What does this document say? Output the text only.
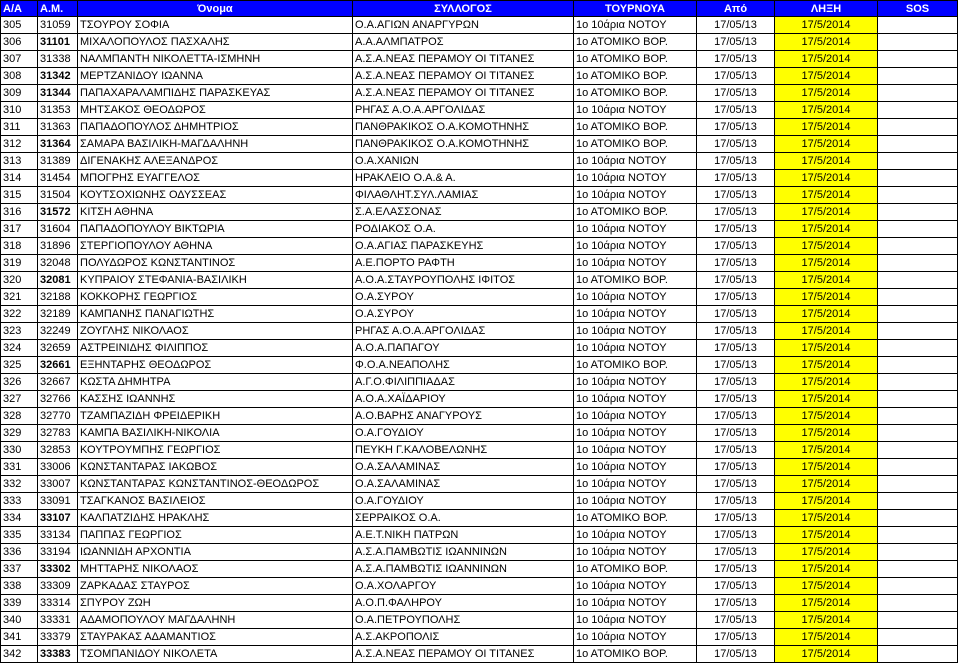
Α/Α	Α.Μ.	Όνομα	ΣΥΛΛΟΓΟΣ	ΤΟΥΡΝΟΥΑ	Από	ΛΗΞΗ	SOS
305	31059	ΤΣΟΥΡΟΥ ΣΟΦΙΑ	Ο.Α.ΑΓΙΩΝ ΑΝΑΡΓΥΡΩΝ	1ο 10άρια ΝΟΤΟΥ	17/05/13	17/5/2014	
306	31101	ΜΙΧΑΛΟΠΟΥΛΟΣ ΠΑΣΧΑΛΗΣ	Α.Α.ΑΛΜΠΑΤΡΟΣ	1ο ΑΤΟΜΙΚΟ ΒΟΡ.	17/05/13	17/5/2014	
307	31338	ΝΑΛΜΠΑΝΤΗ ΝΙΚΟΛΕΤΤΑ-ΙΣΜΗΝΗ	Α.Σ.Α.ΝΕΑΣ ΠΕΡΑΜΟΥ ΟΙ ΤΙΤΑΝΕΣ	1ο ΑΤΟΜΙΚΟ ΒΟΡ.	17/05/13	17/5/2014	
308	31342	ΜΕΡΤΖΑΝΙΔΟΥ ΙΩΑΝΝΑ	Α.Σ.Α.ΝΕΑΣ ΠΕΡΑΜΟΥ ΟΙ ΤΙΤΑΝΕΣ	1ο ΑΤΟΜΙΚΟ ΒΟΡ.	17/05/13	17/5/2014	
309	31344	ΠΑΠΑΧΑΡΑΛΑΜΠΙΔΗΣ ΠΑΡΑΣΚΕΥΑΣ	Α.Σ.Α.ΝΕΑΣ ΠΕΡΑΜΟΥ ΟΙ ΤΙΤΑΝΕΣ	1ο ΑΤΟΜΙΚΟ ΒΟΡ.	17/05/13	17/5/2014	
310	31353	ΜΗΤΣΑΚΟΣ ΘΕΟΔΩΡΟΣ	ΡΗΓΑΣ Α.Ο.Α.ΑΡΓΟΛΙΔΑΣ	1ο 10άρια ΝΟΤΟΥ	17/05/13	17/5/2014	
311	31363	ΠΑΠΑΔΟΠΟΥΛΟΣ ΔΗΜΗΤΡΙΟΣ	ΠΑΝΘΡΑΚΙΚΟΣ Ο.Α.ΚΟΜΟΤΗΝΗΣ	1ο ΑΤΟΜΙΚΟ ΒΟΡ.	17/05/13	17/5/2014	
312	31364	ΣΑΜΑΡΑ ΒΑΣΙΛΙΚΗ-ΜΑΓΔΑΛΗΝΗ	ΠΑΝΘΡΑΚΙΚΟΣ Ο.Α.ΚΟΜΟΤΗΝΗΣ	1ο ΑΤΟΜΙΚΟ ΒΟΡ.	17/05/13	17/5/2014	
313	31389	ΔΙΓΕΝΑΚΗΣ ΑΛΕΞΑΝΔΡΟΣ	Ο.Α.ΧΑΝΙΩΝ	1ο 10άρια ΝΟΤΟΥ	17/05/13	17/5/2014	
314	31454	ΜΠΟΓΡΗΣ ΕΥΑΓΓΕΛΟΣ	ΗΡΑΚΛΕΙΟ Ο.Α.& Α.	1ο 10άρια ΝΟΤΟΥ	17/05/13	17/5/2014	
315	31504	ΚΟΥΤΣΟΧΙΩΝΗΣ ΟΔΥΣΣΕΑΣ	ΦΙΛΑΘΛΗΤ.ΣΥΛ.ΛΑΜΙΑΣ	1ο 10άρια ΝΟΤΟΥ	17/05/13	17/5/2014	
316	31572	ΚΙΤΣΗ ΑΘΗΝΑ	Σ.Α.ΕΛΑΣΣΟΝΑΣ	1ο ΑΤΟΜΙΚΟ ΒΟΡ.	17/05/13	17/5/2014	
317	31604	ΠΑΠΑΔΟΠΟΥΛΟΥ ΒΙΚΤΩΡΙΑ	ΡΟΔΙΑΚΟΣ Ο.Α.	1ο 10άρια ΝΟΤΟΥ	17/05/13	17/5/2014	
318	31896	ΣΤΕΡΓΙΟΠΟΥΛΟΥ ΑΘΗΝΑ	Ο.Α.ΑΓΙΑΣ ΠΑΡΑΣΚΕΥΗΣ	1ο 10άρια ΝΟΤΟΥ	17/05/13	17/5/2014	
319	32048	ΠΟΛΥΔΩΡΟΣ ΚΩΝΣΤΑΝΤΙΝΟΣ	Α.Ε.ΠΟΡΤΟ ΡΑΦΤΗ	1ο 10άρια ΝΟΤΟΥ	17/05/13	17/5/2014	
320	32081	ΚΥΠΡΑΙΟΥ ΣΤΕΦΑΝΙΑ-ΒΑΣΙΛΙΚΗ	Α.Ο.Α.ΣΤΑΥΡΟΥΠΟΛΗΣ ΙΦΙΤΟΣ	1ο ΑΤΟΜΙΚΟ ΒΟΡ.	17/05/13	17/5/2014	
321	32188	ΚΟΚΚΟΡΗΣ ΓΕΩΡΓΙΟΣ	Ο.Α.ΣΥΡΟΥ	1ο 10άρια ΝΟΤΟΥ	17/05/13	17/5/2014	
322	32189	ΚΑΜΠΑΝΗΣ ΠΑΝΑΓΙΩΤΗΣ	Ο.Α.ΣΥΡΟΥ	1ο 10άρια ΝΟΤΟΥ	17/05/13	17/5/2014	
323	32249	ΖΟΥΓΛΗΣ ΝΙΚΟΛΑΟΣ	ΡΗΓΑΣ Α.Ο.Α.ΑΡΓΟΛΙΔΑΣ	1ο 10άρια ΝΟΤΟΥ	17/05/13	17/5/2014	
324	32659	ΑΣΤΡΕΙΝΙΔΗΣ ΦΙΛΙΠΠΟΣ	Α.Ο.Α.ΠΑΠΑΓΟΥ	1ο 10άρια ΝΟΤΟΥ	17/05/13	17/5/2014	
325	32661	ΕΞΗΝΤΑΡΗΣ ΘΕΟΔΩΡΟΣ	Φ.Ο.Α.ΝΕΑΠΟΛΗΣ	1ο ΑΤΟΜΙΚΟ ΒΟΡ.	17/05/13	17/5/2014	
326	32667	ΚΩΣΤΑ ΔΗΜΗΤΡΑ	Α.Γ.Ο.ΦΙΛΙΠΠΙΑΔΑΣ	1ο 10άρια ΝΟΤΟΥ	17/05/13	17/5/2014	
327	32766	ΚΑΣΣΗΣ ΙΩΑΝΝΗΣ	Α.Ο.Α.ΧΑΪΔΑΡΙΟΥ	1ο 10άρια ΝΟΤΟΥ	17/05/13	17/5/2014	
328	32770	ΤΖΑΜΠΑΖΙΔΗ ΦΡΕΙΔΕΡΙΚΗ	Α.Ο.ΒΑΡΗΣ ΑΝΑΓΥΡΟΥΣ	1ο 10άρια ΝΟΤΟΥ	17/05/13	17/5/2014	
329	32783	ΚΑΜΠΑ ΒΑΣΙΛΙΚΗ-ΝΙΚΟΛΙΑ	Ο.Α.ΓΟΥΔΙΟΥ	1ο 10άρια ΝΟΤΟΥ	17/05/13	17/5/2014	
330	32853	ΚΟΥΤΡΟΥΜΠΗΣ ΓΕΩΡΓΙΟΣ	ΠΕΥΚΗ Γ.ΚΑΛΟΒΕΛΩΝΗΣ	1ο 10άρια ΝΟΤΟΥ	17/05/13	17/5/2014	
331	33006	ΚΩΝΣΤΑΝΤΑΡΑΣ ΙΑΚΩΒΟΣ	Ο.Α.ΣΑΛΑΜΙΝΑΣ	1ο 10άρια ΝΟΤΟΥ	17/05/13	17/5/2014	
332	33007	ΚΩΝΣΤΑΝΤΑΡΑΣ ΚΩΝΣΤΑΝΤΙΝΟΣ-ΘΕΟΔΩΡΟΣ	Ο.Α.ΣΑΛΑΜΙΝΑΣ	1ο 10άρια ΝΟΤΟΥ	17/05/13	17/5/2014	
333	33091	ΤΣΑΓΚΑΝΟΣ ΒΑΣΙΛΕΙΟΣ	Ο.Α.ΓΟΥΔΙΟΥ	1ο 10άρια ΝΟΤΟΥ	17/05/13	17/5/2014	
334	33107	ΚΑΛΠΑΤΖΙΔΗΣ ΗΡΑΚΛΗΣ	ΣΕΡΡΑΙΚΟΣ Ο.Α.	1ο ΑΤΟΜΙΚΟ ΒΟΡ.	17/05/13	17/5/2014	
335	33134	ΠΑΠΠΑΣ ΓΕΩΡΓΙΟΣ	Α.Ε.Τ.ΝΙΚΗ ΠΑΤΡΩΝ	1ο 10άρια ΝΟΤΟΥ	17/05/13	17/5/2014	
336	33194	ΙΩΑΝΝΙΔΗ ΑΡΧΟΝΤΙΑ	Α.Σ.Α.ΠΑΜΒΩΤΙΣ ΙΩΑΝΝΙΝΩΝ	1ο 10άρια ΝΟΤΟΥ	17/05/13	17/5/2014	
337	33302	ΜΗΤΤΑΡΗΣ ΝΙΚΟΛΑΟΣ	Α.Σ.Α.ΠΑΜΒΩΤΙΣ ΙΩΑΝΝΙΝΩΝ	1ο ΑΤΟΜΙΚΟ ΒΟΡ.	17/05/13	17/5/2014	
338	33309	ΖΑΡΚΑΔΑΣ ΣΤΑΥΡΟΣ	Ο.Α.ΧΟΛΑΡΓΟΥ	1ο 10άρια ΝΟΤΟΥ	17/05/13	17/5/2014	
339	33314	ΣΠΥΡΟΥ ΖΩΗ	Α.Ο.Π.ΦΑΛΗΡΟΥ	1ο 10άρια ΝΟΤΟΥ	17/05/13	17/5/2014	
340	33331	ΑΔΑΜΟΠΟΥΛΟΥ ΜΑΓΔΑΛΗΝΗ	Ο.Α.ΠΕΤΡΟΥΠΟΛΗΣ	1ο 10άρια ΝΟΤΟΥ	17/05/13	17/5/2014	
341	33379	ΣΤΑΥΡΑΚΑΣ ΑΔΑΜΑΝΤΙΟΣ	Α.Σ.ΑΚΡΟΠΟΛΙΣ	1ο 10άρια ΝΟΤΟΥ	17/05/13	17/5/2014	
342	33383	ΤΣΟΜΠΑΝΙΔΟΥ ΝΙΚΟΛΕΤΑ	Α.Σ.Α.ΝΕΑΣ ΠΕΡΑΜΟΥ ΟΙ ΤΙΤΑΝΕΣ	1ο ΑΤΟΜΙΚΟ ΒΟΡ.	17/05/13	17/5/2014	
